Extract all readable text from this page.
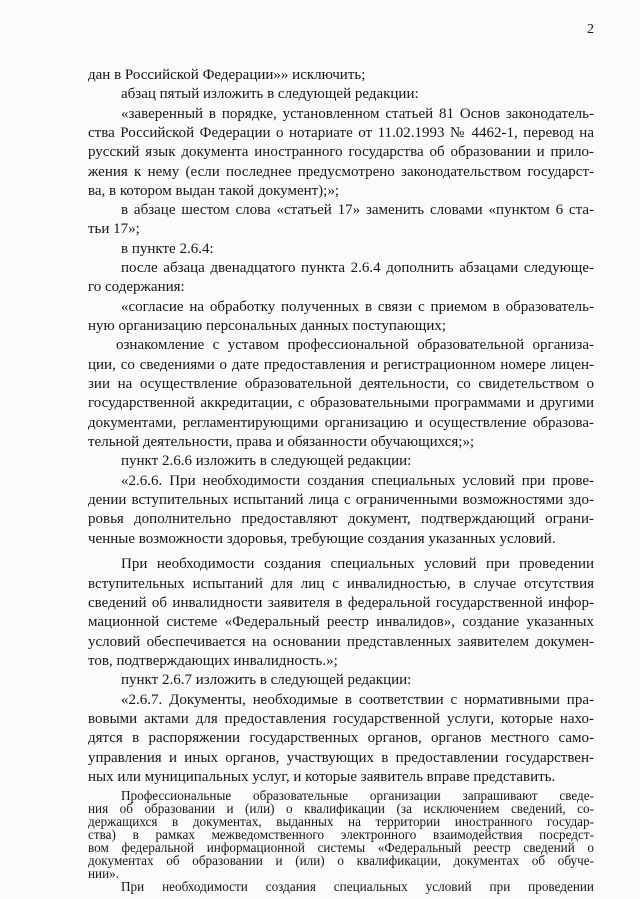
2
дан в Российской Федерации»» исключить;
абзац пятый изложить в следующей редакции:
«заверенный в порядке, установленном статьей 81 Основ законодатель-
ства Российской Федерации о нотариате от 11.02.1993 № 4462-1, перевод на
русский язык документа иностранного государства об образовании и прило-
жения к нему (если последнее предусмотрено законодательством государст-
ва, в котором выдан такой документ);»;
в абзаце шестом слова «статьей 17» заменить словами «пунктом 6 ста-
тьи 17»;
в пункте 2.6.4:
после абзаца двенадцатого пункта 2.6.4 дополнить абзацами следующе-
го содержания:
«согласие на обработку полученных в связи с приемом в образователь-
ную организацию персональных данных поступающих;
ознакомление с уставом профессиональной образовательной организа-
ции, со сведениями о дате предоставления и регистрационном номере лицен-
зии на осуществление образовательной деятельности, со свидетельством о
государственной аккредитации, с образовательными программами и другими
документами, регламентирующими организацию и осуществление образова-
тельной деятельности, права и обязанности обучающихся;»;
пункт 2.6.6 изложить в следующей редакции:
«2.6.6. При необходимости создания специальных условий при прове-
дении вступительных испытаний лица с ограниченными возможностями здо-
ровья дополнительно предоставляют документ, подтверждающий ограни-
ченные возможности здоровья, требующие создания указанных условий.
При необходимости создания специальных условий при проведении
вступительных испытаний для лиц с инвалидностью, в случае отсутствия
сведений об инвалидности заявителя в федеральной государственной инфор-
мационной системе «Федеральный реестр инвалидов», создание указанных
условий обеспечивается на основании представленных заявителем докумен-
тов, подтверждающих инвалидность.»;
пункт 2.6.7 изложить в следующей редакции:
«2.6.7. Документы, необходимые в соответствии с нормативными пра-
вовыми актами для предоставления государственной услуги, которые нахо-
дятся в распоряжении государственных органов, органов местного само-
управления и иных органов, участвующих в предоставлении государствен-
ных или муниципальных услуг, и которые заявитель вправе представить.
Профессиональные образовательные организации запрашивают сведе-
ния об образовании и (или) о квалификации (за исключением сведений, со-
держащихся в документах, выданных на территории иностранного государ-
ства) в рамках межведомственного электронного взаимодействия посредст-
вом федеральной информационной системы «Федеральный реестр сведений о
документах об образовании и (или) о квалификации, документах об обуче-
нии».
При необходимости создания специальных условий при проведении
